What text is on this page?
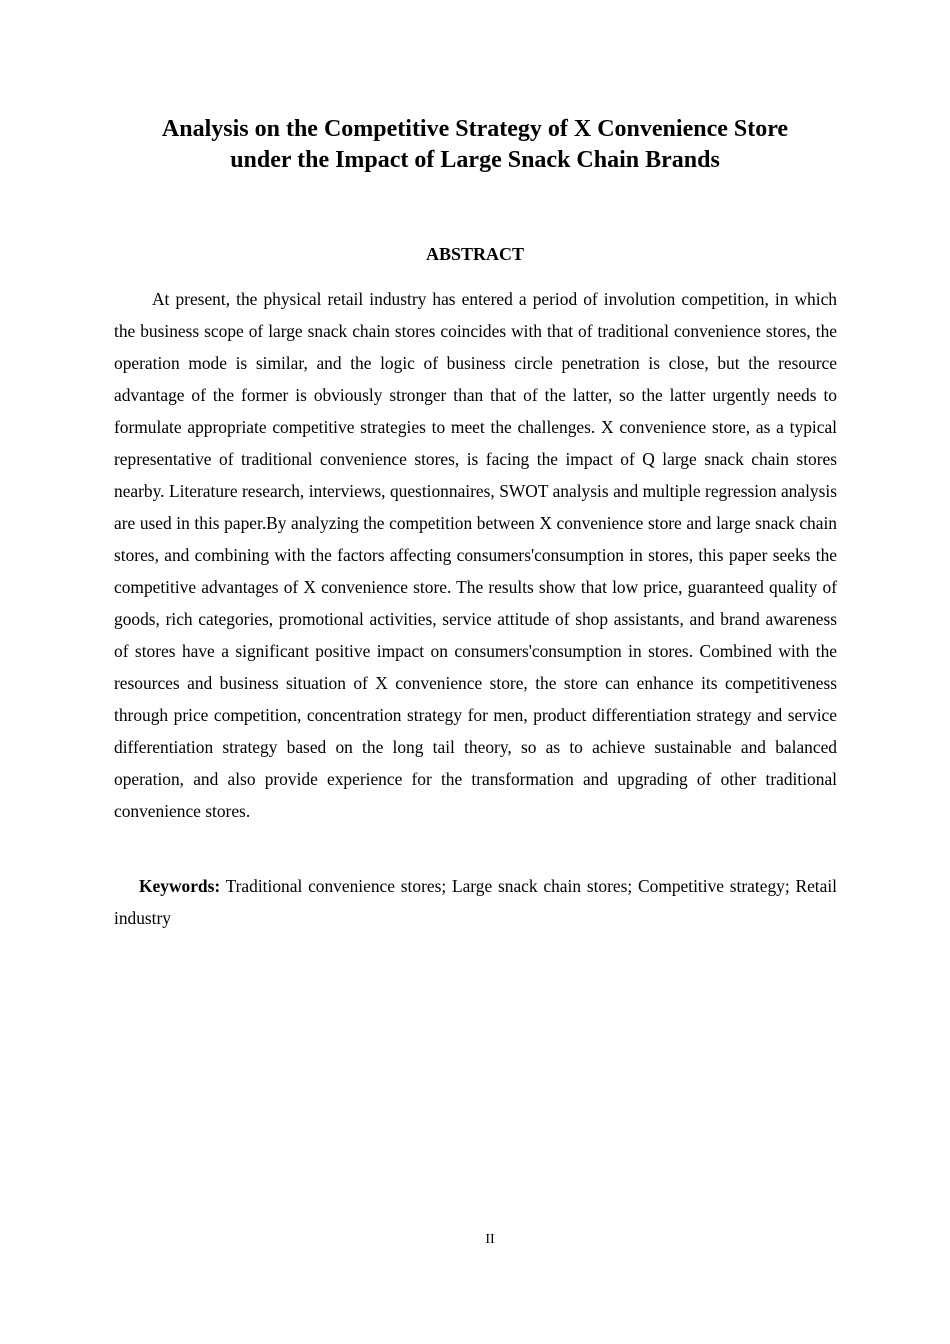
Analysis on the Competitive Strategy of X Convenience Store
under the Impact of Large Snack Chain Brands
ABSTRACT

At present, the physical retail industry has entered a period of involution competition, in which the business scope of large snack chain stores coincides with that of traditional convenience stores, the operation mode is similar, and the logic of business circle penetration is close, but the resource advantage of the former is obviously stronger than that of the latter, so the latter urgently needs to formulate appropriate competitive strategies to meet the challenges. X convenience store, as a typical representative of traditional convenience stores, is facing the impact of Q large snack chain stores nearby. Literature research, interviews, questionnaires, SWOT analysis and multiple regression analysis are used in this paper.By analyzing the competition between X convenience store and large snack chain stores, and combining with the factors affecting consumers'consumption in stores, this paper seeks the competitive advantages of X convenience store. The results show that low price, guaranteed quality of goods, rich categories, promotional activities, service attitude of shop assistants, and brand awareness of stores have a significant positive impact on consumers'consumption in stores. Combined with the resources and business situation of X convenience store, the store can enhance its competitiveness through price competition, concentration strategy for men, product differentiation strategy and service differentiation strategy based on the long tail theory, so as to achieve sustainable and balanced operation, and also provide experience for the transformation and upgrading of other traditional convenience stores.

Keywords: Traditional convenience stores; Large snack chain stores; Competitive strategy; Retail industry

II
